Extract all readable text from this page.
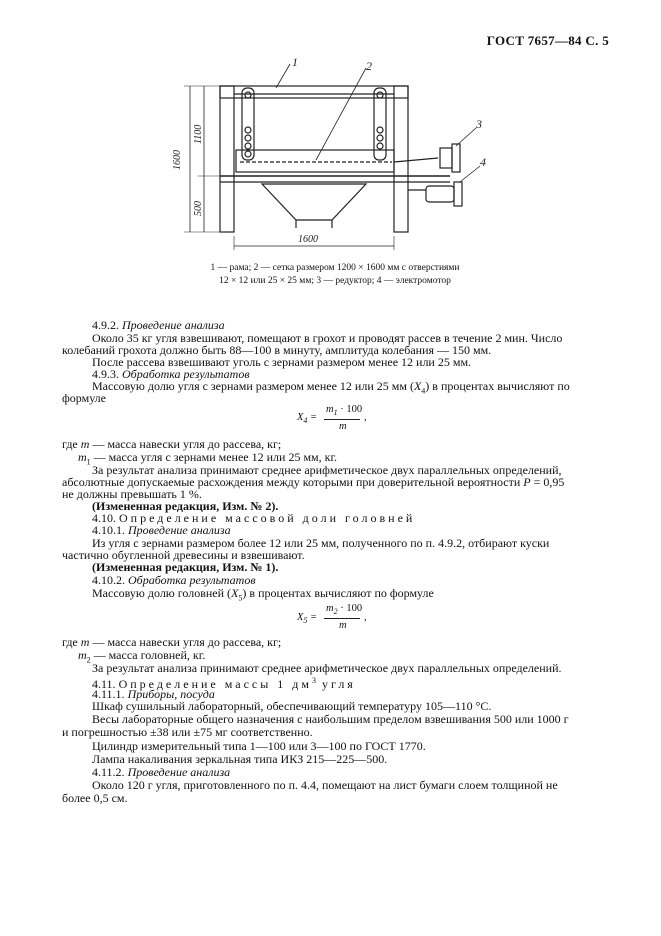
ГОСТ 7657—84 С. 5
1	2
3
4
1600
1100
500
1600
1 — рама; 2 — сетка размером 1200 × 1600 мм с отверстиями
12 × 12 или 25 × 25 мм; 3 — редуктор; 4 — электромотор
4.9.2. Проведение анализа
Около 35 кг угля взвешивают, помещают в грохот и проводят рассев в течение 2 мин. Число
колебаний грохота должно быть 88—100 в минуту, амплитуда колебания — 150 мм.
После рассева взвешивают уголь с зернами размером менее 12 или 25 мм.
4.9.3. Обработка результатов
Массовую долю угля с зернами размером менее 12 или 25 мм $(X_4)$ в процентах вычисляют по
формуле
$X_4$ =
$m_1 \cdot 100$
m
,
где m — масса навески угля до рассева, кг;
$m_1$ — масса угля с зернами менее 12 или 25 мм, кг.
За результат анализа принимают среднее арифметическое двух параллельных определений,
абсолютные допускаемые расхождения между которыми при доверительной вероятности P = 0,95
не должны превышать 1 %.
(Измененная редакция, Изм. № 2).
4.10. Определение массовой доли головней
4.10.1. Проведение анализа
Из угля с зернами размером более 12 или 25 мм, полученного по п. 4.9.2, отбирают куски
частично обугленной древесины и взвешивают.
(Измененная редакция, Изм. № 1).
4.10.2. Обработка результатов
Массовую долю головней $(X_5)$ в процентах вычисляют по формуле
$X_5$ =
$m_2 \cdot 100$
m
,
где m — масса навески угля до рассева, кг;
$m_2$ — масса головней, кг.
За результат анализа принимают среднее арифметическое двух параллельных определений.
4.11. Определение массы 1 $дм^3$ угля
4.11.1. Приборы, посуда
Шкаф сушильный лабораторный, обеспечивающий температуру 105—110 °С.
Весы лабораторные общего назначения с наибольшим пределом взвешивания 500 или 1000 г
и погрешностью ±38 или ±75 мг соответственно.
Цилиндр измерительный типа 1—100 или 3—100 по ГОСТ 1770.
Лампа накаливания зеркальная типа ИКЗ 215—225—500.
4.11.2. Проведение анализа
Около 120 г угля, приготовленного по п. 4.4, помещают на лист бумаги слоем толщиной не
более 0,5 см.
